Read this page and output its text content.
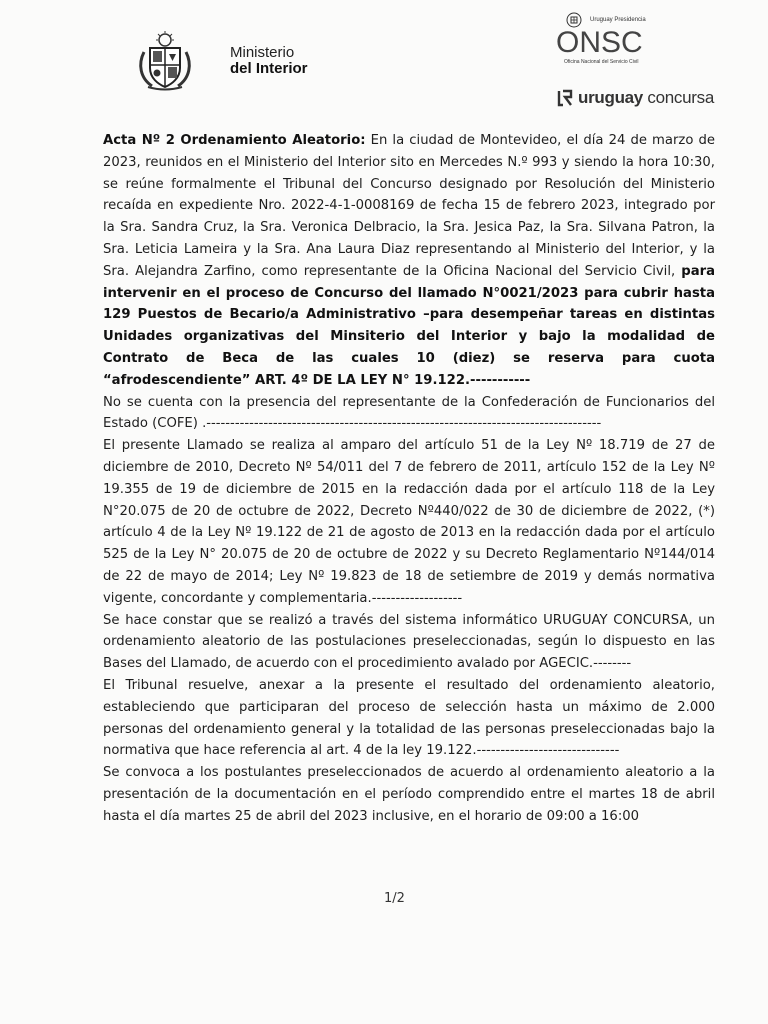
Ministerio
del Interior
Uruguay Presidencia
ONSC
Oficina Nacional del Servicio Civil
uruguay concursa

Acta Nº 2 Ordenamiento Aleatorio: En la ciudad de Montevideo, el día 24 de marzo de 2023, reunidos en el Ministerio del Interior sito en Mercedes N.º 993 y siendo la hora 10:30, se reúne formalmente el Tribunal del Concurso designado por Resolución del Ministerio recaída en expediente Nro. 2022-4-1-0008169 de fecha 15 de febrero 2023, integrado por la Sra. Sandra Cruz, la Sra. Veronica Delbracio, la Sra. Jesica Paz, la Sra. Silvana Patron, la Sra. Leticia Lameira y la Sra. Ana Laura Diaz representando al Ministerio del Interior, y la Sra. Alejandra Zarfino, como representante de la Oficina Nacional del Servicio Civil, para intervenir en el proceso de Concurso del llamado N°0021/2023 para cubrir hasta 129 Puestos de Becario/a Administrativo –para desempeñar tareas en distintas Unidades organizativas del Minsiterio del Interior y bajo la modalidad de Contrato de Beca de las cuales 10 (diez) se reserva para cuota “afrodescendiente” ART. 4º DE LA LEY N° 19.122.-----------

No se cuenta con la presencia del representante de la Confederación de Funcionarios del Estado (COFE) .-----------------------------------------------------------------------------------

El presente Llamado se realiza al amparo del artículo 51 de la Ley Nº 18.719 de 27 de diciembre de 2010, Decreto Nº 54/011 del 7 de febrero de 2011, artículo 152 de la Ley Nº 19.355 de 19 de diciembre de 2015 en la redacción dada por el artículo 118 de la Ley N°20.075 de 20 de octubre de 2022, Decreto Nº440/022 de 30 de diciembre de 2022, (*) artículo 4 de la Ley Nº 19.122 de 21 de agosto de 2013 en la redacción dada por el artículo 525 de la Ley N° 20.075 de 20 de octubre de 2022 y su Decreto Reglamentario Nº144/014 de 22 de mayo de 2014; Ley Nº 19.823 de 18 de setiembre de 2019 y demás normativa vigente, concordante y complementaria.-------------------

Se hace constar que se realizó a través del sistema informático URUGUAY CONCURSA, un ordenamiento aleatorio de las postulaciones preseleccionadas, según lo dispuesto en las Bases del Llamado, de acuerdo con el procedimiento avalado por AGECIC.--------

El Tribunal resuelve, anexar a la presente el resultado del ordenamiento aleatorio, estableciendo que participaran del proceso de selección hasta un máximo de 2.000 personas del ordenamiento general y la totalidad de las personas preseleccionadas bajo la normativa que hace referencia al art. 4 de la ley 19.122.------------------------------

Se convoca a los postulantes preseleccionados de acuerdo al ordenamiento aleatorio a la presentación de la documentación en el período comprendido entre el martes 18 de abril hasta el día martes 25 de abril del 2023 inclusive, en el horario de 09:00 a 16:00

1/2
